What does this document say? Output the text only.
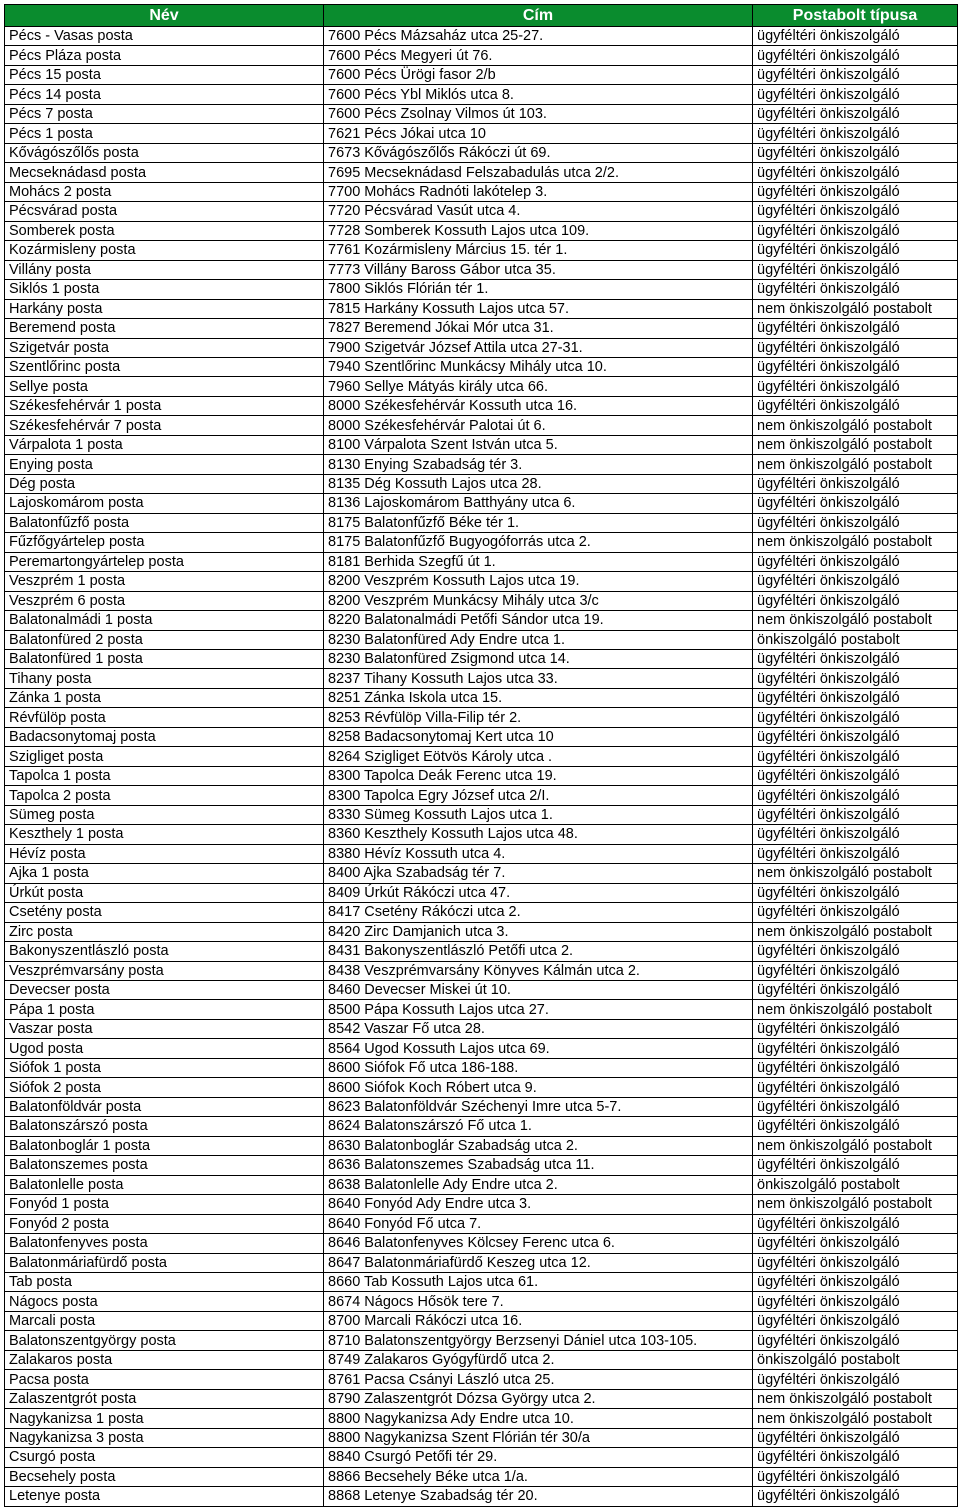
Név	Cím	Postabolt típusa
Pécs - Vasas posta	7600 Pécs Mázsaház utca 25-27.	ügyféltéri önkiszolgáló
Pécs Pláza posta	7600 Pécs Megyeri út 76.	ügyféltéri önkiszolgáló
Pécs 15 posta	7600 Pécs Ürögi fasor 2/b	ügyféltéri önkiszolgáló
Pécs 14 posta	7600 Pécs Ybl Miklós utca 8.	ügyféltéri önkiszolgáló
Pécs 7 posta	7600 Pécs Zsolnay Vilmos út 103.	ügyféltéri önkiszolgáló
Pécs 1 posta	7621 Pécs Jókai utca 10	ügyféltéri önkiszolgáló
Kővágószőlős posta	7673 Kővágószőlős Rákóczi út 69.	ügyféltéri önkiszolgáló
Mecseknádasd posta	7695 Mecseknádasd Felszabadulás utca 2/2.	ügyféltéri önkiszolgáló
Mohács 2 posta	7700 Mohács Radnóti lakótelep 3.	ügyféltéri önkiszolgáló
Pécsvárad posta	7720 Pécsvárad Vasút utca 4.	ügyféltéri önkiszolgáló
Somberek posta	7728 Somberek Kossuth Lajos utca 109.	ügyféltéri önkiszolgáló
Kozármisleny posta	7761 Kozármisleny Március 15. tér 1.	ügyféltéri önkiszolgáló
Villány posta	7773 Villány Baross Gábor utca 35.	ügyféltéri önkiszolgáló
Siklós 1 posta	7800 Siklós Flórián tér 1.	ügyféltéri önkiszolgáló
Harkány posta	7815 Harkány Kossuth Lajos utca 57.	nem önkiszolgáló postabolt
Beremend posta	7827 Beremend Jókai Mór utca 31.	ügyféltéri önkiszolgáló
Szigetvár posta	7900 Szigetvár József Attila utca 27-31.	ügyféltéri önkiszolgáló
Szentlőrinc posta	7940 Szentlőrinc Munkácsy Mihály utca 10.	ügyféltéri önkiszolgáló
Sellye posta	7960 Sellye Mátyás király utca 66.	ügyféltéri önkiszolgáló
Székesfehérvár 1 posta	8000 Székesfehérvár Kossuth utca 16.	ügyféltéri önkiszolgáló
Székesfehérvár 7 posta	8000 Székesfehérvár Palotai út 6.	nem önkiszolgáló postabolt
Várpalota 1 posta	8100 Várpalota Szent István utca 5.	nem önkiszolgáló postabolt
Enying posta	8130 Enying Szabadság tér 3.	nem önkiszolgáló postabolt
Dég posta	8135 Dég Kossuth Lajos utca 28.	ügyféltéri önkiszolgáló
Lajoskomárom posta	8136 Lajoskomárom Batthyány utca 6.	ügyféltéri önkiszolgáló
Balatonfűzfő posta	8175 Balatonfűzfő Béke tér 1.	ügyféltéri önkiszolgáló
Fűzfőgyártelep posta	8175 Balatonfűzfő Bugyogóforrás utca 2.	nem önkiszolgáló postabolt
Peremartongyártelep posta	8181 Berhida Szegfű út 1.	ügyféltéri önkiszolgáló
Veszprém 1 posta	8200 Veszprém Kossuth Lajos utca 19.	ügyféltéri önkiszolgáló
Veszprém 6 posta	8200 Veszprém Munkácsy Mihály utca 3/c	ügyféltéri önkiszolgáló
Balatonalmádi 1 posta	8220 Balatonalmádi Petőfi Sándor utca 19.	nem önkiszolgáló postabolt
Balatonfüred 2 posta	8230 Balatonfüred Ady Endre utca 1.	önkiszolgáló postabolt
Balatonfüred 1 posta	8230 Balatonfüred Zsigmond utca 14.	ügyféltéri önkiszolgáló
Tihany posta	8237 Tihany Kossuth Lajos utca 33.	ügyféltéri önkiszolgáló
Zánka 1 posta	8251 Zánka Iskola utca 15.	ügyféltéri önkiszolgáló
Révfülöp posta	8253 Révfülöp Villa-Filip tér 2.	ügyféltéri önkiszolgáló
Badacsonytomaj posta	8258 Badacsonytomaj Kert utca 10	ügyféltéri önkiszolgáló
Szigliget posta	8264 Szigliget Eötvös Károly utca .	ügyféltéri önkiszolgáló
Tapolca 1 posta	8300 Tapolca Deák Ferenc utca 19.	ügyféltéri önkiszolgáló
Tapolca 2 posta	8300 Tapolca Egry József utca 2/I.	ügyféltéri önkiszolgáló
Sümeg posta	8330 Sümeg Kossuth Lajos utca 1.	ügyféltéri önkiszolgáló
Keszthely 1 posta	8360 Keszthely Kossuth Lajos utca 48.	ügyféltéri önkiszolgáló
Hévíz posta	8380 Hévíz Kossuth utca 4.	ügyféltéri önkiszolgáló
Ajka 1 posta	8400 Ajka Szabadság tér 7.	nem önkiszolgáló postabolt
Úrkút posta	8409 Úrkút Rákóczi utca 47.	ügyféltéri önkiszolgáló
Csetény posta	8417 Csetény Rákóczi utca 2.	ügyféltéri önkiszolgáló
Zirc posta	8420 Zirc Damjanich utca 3.	nem önkiszolgáló postabolt
Bakonyszentlászló posta	8431 Bakonyszentlászló Petőfi utca 2.	ügyféltéri önkiszolgáló
Veszprémvarsány posta	8438 Veszprémvarsány Könyves Kálmán utca 2.	ügyféltéri önkiszolgáló
Devecser posta	8460 Devecser Miskei út 10.	ügyféltéri önkiszolgáló
Pápa 1 posta	8500 Pápa Kossuth Lajos utca 27.	nem önkiszolgáló postabolt
Vaszar posta	8542 Vaszar Fő utca 28.	ügyféltéri önkiszolgáló
Ugod posta	8564 Ugod Kossuth Lajos utca 69.	ügyféltéri önkiszolgáló
Siófok 1 posta	8600 Siófok Fő utca 186-188.	ügyféltéri önkiszolgáló
Siófok 2 posta	8600 Siófok Koch Róbert utca 9.	ügyféltéri önkiszolgáló
Balatonföldvár posta	8623 Balatonföldvár Széchenyi Imre utca 5-7.	ügyféltéri önkiszolgáló
Balatonszárszó posta	8624 Balatonszárszó Fő utca 1.	ügyféltéri önkiszolgáló
Balatonboglár 1 posta	8630 Balatonboglár Szabadság utca 2.	nem önkiszolgáló postabolt
Balatonszemes posta	8636 Balatonszemes Szabadság utca 11.	ügyféltéri önkiszolgáló
Balatonlelle posta	8638 Balatonlelle Ady Endre utca 2.	önkiszolgáló postabolt
Fonyód 1 posta	8640 Fonyód Ady Endre utca 3.	nem önkiszolgáló postabolt
Fonyód 2 posta	8640 Fonyód Fő utca 7.	ügyféltéri önkiszolgáló
Balatonfenyves posta	8646 Balatonfenyves Kölcsey Ferenc utca 6.	ügyféltéri önkiszolgáló
Balatonmáriafürdő posta	8647 Balatonmáriafürdő Keszeg utca 12.	ügyféltéri önkiszolgáló
Tab posta	8660 Tab Kossuth Lajos utca 61.	ügyféltéri önkiszolgáló
Nágocs posta	8674 Nágocs Hősök tere 7.	ügyféltéri önkiszolgáló
Marcali posta	8700 Marcali Rákóczi utca 16.	ügyféltéri önkiszolgáló
Balatonszentgyörgy posta	8710 Balatonszentgyörgy Berzsenyi Dániel utca 103-105.	ügyféltéri önkiszolgáló
Zalakaros posta	8749 Zalakaros Gyógyfürdő utca 2.	önkiszolgáló postabolt
Pacsa posta	8761 Pacsa Csányi László utca 25.	ügyféltéri önkiszolgáló
Zalaszentgrót posta	8790 Zalaszentgrót Dózsa György utca 2.	nem önkiszolgáló postabolt
Nagykanizsa 1 posta	8800 Nagykanizsa Ady Endre utca 10.	nem önkiszolgáló postabolt
Nagykanizsa 3 posta	8800 Nagykanizsa Szent Flórián tér 30/a	ügyféltéri önkiszolgáló
Csurgó posta	8840 Csurgó Petőfi tér 29.	ügyféltéri önkiszolgáló
Becsehely posta	8866 Becsehely Béke utca 1/a.	ügyféltéri önkiszolgáló
Letenye posta	8868 Letenye Szabadság tér 20.	ügyféltéri önkiszolgáló
